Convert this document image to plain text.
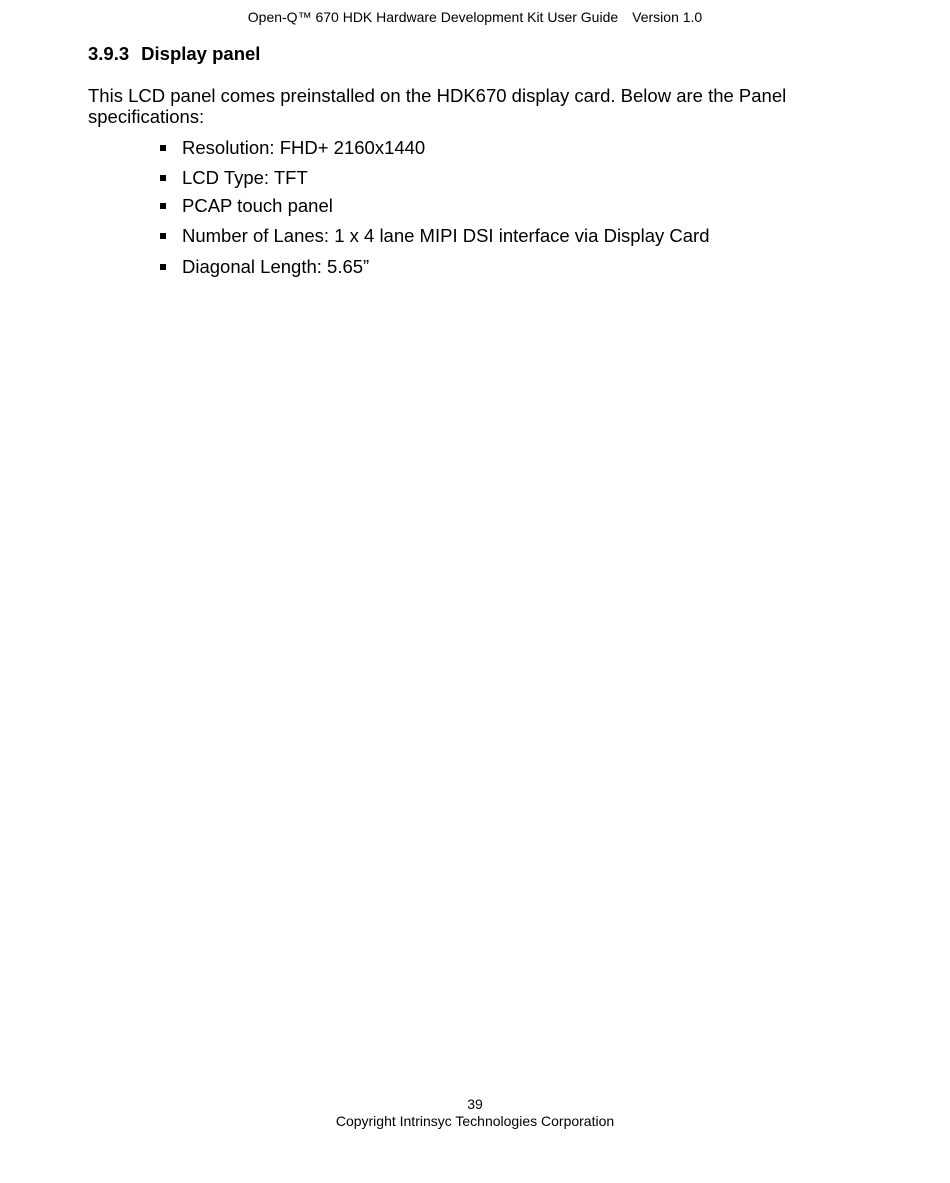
Open-Q™ 670 HDK Hardware Development Kit User Guide Version 1.0
3.9.3 Display panel

This LCD panel comes preinstalled on the HDK670 display card. Below are the Panel specifications:

Resolution: FHD+ 2160x1440
LCD Type: TFT
PCAP touch panel
Number of Lanes: 1 x 4 lane MIPI DSI interface via Display Card
Diagonal Length: 5.65”
39
Copyright Intrinsyc Technologies Corporation
